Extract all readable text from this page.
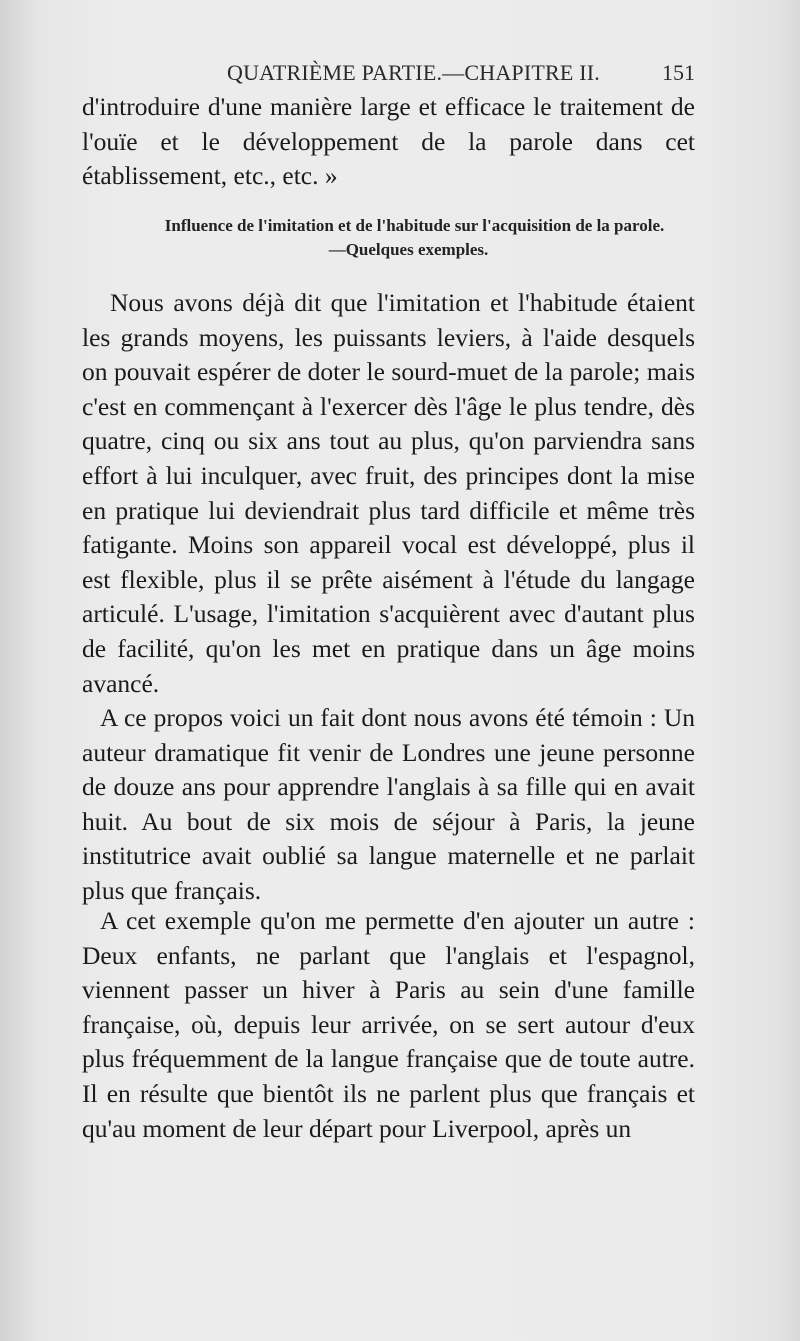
QUATRIÈME PARTIE.—CHAPITRE II.	151

d'introduire d'une manière large et efficace le traitement de l'ouïe et le développement de la parole dans cet établissement, etc., etc. »

Influence de l'imitation et de l'habitude sur l'acquisition de la parole.
—Quelques exemples.

Nous avons déjà dit que l'imitation et l'habitude étaient les grands moyens, les puissants leviers, à l'aide desquels on pouvait espérer de doter le sourd-muet de la parole; mais c'est en commençant à l'exercer dès l'âge le plus tendre, dès quatre, cinq ou six ans tout au plus, qu'on parviendra sans effort à lui inculquer, avec fruit, des principes dont la mise en pratique lui deviendrait plus tard difficile et même très fatigante. Moins son appareil vocal est développé, plus il est flexible, plus il se prête aisément à l'étude du langage articulé. L'usage, l'imitation s'acquièrent avec d'autant plus de facilité, qu'on les met en pratique dans un âge moins avancé.

A ce propos voici un fait dont nous avons été témoin : Un auteur dramatique fit venir de Londres une jeune personne de douze ans pour apprendre l'anglais à sa fille qui en avait huit. Au bout de six mois de séjour à Paris, la jeune institutrice avait oublié sa langue maternelle et ne parlait plus que français.

A cet exemple qu'on me permette d'en ajouter un autre : Deux enfants, ne parlant que l'anglais et l'espagnol, viennent passer un hiver à Paris au sein d'une famille française, où, depuis leur arrivée, on se sert autour d'eux plus fréquemment de la langue française que de toute autre. Il en résulte que bientôt ils ne parlent plus que français et qu'au moment de leur départ pour Liverpool, après un
